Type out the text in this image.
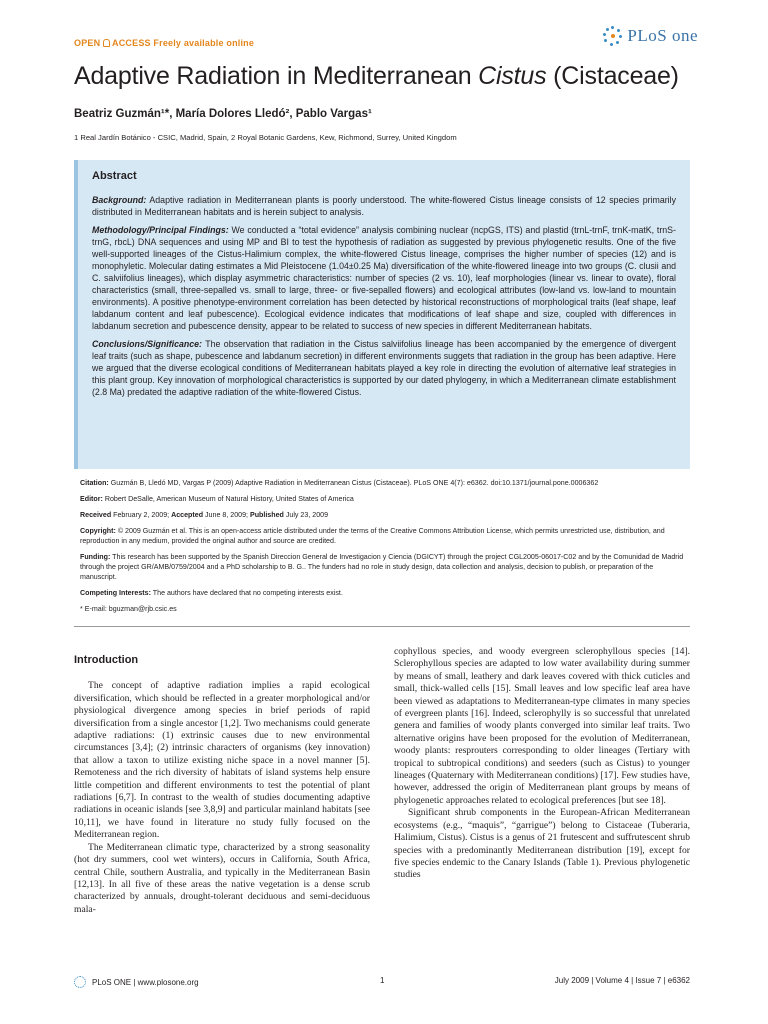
OPEN ACCESS Freely available online	PLoS one
Adaptive Radiation in Mediterranean Cistus (Cistaceae)
Beatriz Guzmán¹*, María Dolores Lledó², Pablo Vargas¹
1 Real Jardín Botánico - CSIC, Madrid, Spain, 2 Royal Botanic Gardens, Kew, Richmond, Surrey, United Kingdom
Abstract

Background: Adaptive radiation in Mediterranean plants is poorly understood. The white-flowered Cistus lineage consists of 12 species primarily distributed in Mediterranean habitats and is herein subject to analysis.

Methodology/Principal Findings: We conducted a “total evidence” analysis combining nuclear (ncpGS, ITS) and plastid (trnL-trnF, trnK-matK, trnS-trnG, rbcL) DNA sequences and using MP and BI to test the hypothesis of radiation as suggested by previous phylogenetic results. One of the five well-supported lineages of the Cistus-Halimium complex, the white-flowered Cistus lineage, comprises the higher number of species (12) and is monophyletic. Molecular dating estimates a Mid Pleistocene (1.04±0.25 Ma) diversification of the white-flowered lineage into two groups (C. clusii and C. salviifolius lineages), which display asymmetric characteristics: number of species (2 vs. 10), leaf morphologies (linear vs. linear to ovate), floral characteristics (small, three-sepalled vs. small to large, three- or five-sepalled flowers) and ecological attributes (low-land vs. low-land to mountain environments). A positive phenotype-environment correlation has been detected by historical reconstructions of morphological traits (leaf shape, leaf labdanum content and leaf pubescence). Ecological evidence indicates that modifications of leaf shape and size, coupled with differences in labdanum secretion and pubescence density, appear to be related to success of new species in different Mediterranean habitats.

Conclusions/Significance: The observation that radiation in the Cistus salviifolius lineage has been accompanied by the emergence of divergent leaf traits (such as shape, pubescence and labdanum secretion) in different environments suggets that radiation in the group has been adaptive. Here we argued that the diverse ecological conditions of Mediterranean habitats played a key role in directing the evolution of alternative leaf strategies in this plant group. Key innovation of morphological characteristics is supported by our dated phylogeny, in which a Mediterranean climate establishment (2.8 Ma) predated the adaptive radiation of the white-flowered Cistus.

Citation: Guzmán B, Lledó MD, Vargas P (2009) Adaptive Radiation in Mediterranean Cistus (Cistaceae). PLoS ONE 4(7): e6362. doi:10.1371/journal.pone.0006362

Editor: Robert DeSalle, American Museum of Natural History, United States of America

Received February 2, 2009; Accepted June 8, 2009; Published July 23, 2009

Copyright: © 2009 Guzmán et al. This is an open-access article distributed under the terms of the Creative Commons Attribution License, which permits unrestricted use, distribution, and reproduction in any medium, provided the original author and source are credited.

Funding: This research has been supported by the Spanish Direccion General de Investigacion y Ciencia (DGICYT) through the project CGL2005-06017-C02 and by the Comunidad de Madrid through the project GR/AMB/0759/2004 and a PhD scholarship to B. G.. The funders had no role in study design, data collection and analysis, decision to publish, or preparation of the manuscript.

Competing Interests: The authors have declared that no competing interests exist.

* E-mail: bguzman@rjb.csic.es

Introduction

The concept of adaptive radiation implies a rapid ecological diversification, which should be reflected in a greater morphological and/or physiological divergence among species in brief periods of rapid diversification from a single ancestor [1,2]. Two mechanisms could generate adaptive radiations: (1) extrinsic causes due to new environmental circumstances [3,4]; (2) intrinsic characters of organisms (key innovation) that allow a taxon to utilize existing niche space in a novel manner [5]. Remoteness and the rich diversity of habitats of island systems help ensure little competition and different environments to test the potential of plant radiations [6,7]. In contrast to the wealth of studies documenting adaptive radiations in oceanic islands [see 3,8,9] and particular mainland habitats [see 10,11], we have found in literature no study fully focused on the Mediterranean region.

The Mediterranean climatic type, characterized by a strong seasonality (hot dry summers, cool wet winters), occurs in California, South Africa, central Chile, southern Australia, and typically in the Mediterranean Basin [12,13]. In all five of these areas the native vegetation is a dense scrub characterized by annuals, drought-tolerant deciduous and semi-deciduous mala-

cophyllous species, and woody evergreen sclerophyllous species [14]. Sclerophyllous species are adapted to low water availability during summer by means of small, leathery and dark leaves covered with thick cuticles and small, thick-walled cells [15]. Small leaves and low specific leaf area have been viewed as adaptations to Mediterranean-type climates in many species of evergreen plants [16]. Indeed, sclerophylly is so successful that unrelated genera and families of woody plants converged into similar leaf traits. Two alternative origins have been proposed for the evolution of Mediterranean, woody plants: resprouters corresponding to older lineages (Tertiary with tropical to subtropical conditions) and seeders (such as Cistus) to younger lineages (Quaternary with Mediterranean conditions) [17]. Few studies have, however, addressed the origin of Mediterranean plant groups by means of phylogenetic approaches related to ecological preferences [but see 18].

Significant shrub components in the European-African Mediterranean ecosystems (e.g., “maquis”, “garrigue”) belong to Cistaceae (Tuberaria, Halimium, Cistus). Cistus is a genus of 21 frutescent and suffrutescent shrub species with a predominantly Mediterranean distribution [19], except for five species endemic to the Canary Islands (Table 1). Previous phylogenetic studies

PLoS ONE | www.plosone.org	1	July 2009 | Volume 4 | Issue 7 | e6362
